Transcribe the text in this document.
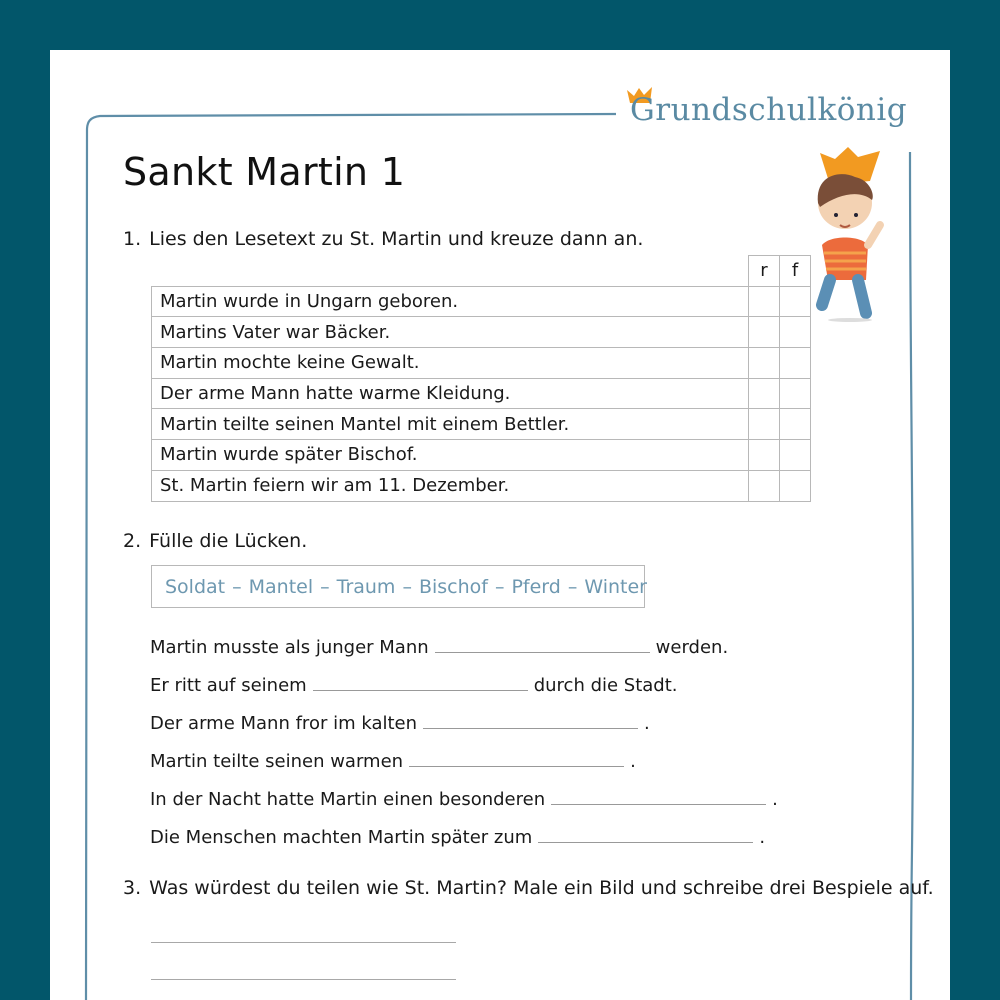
Grundschulkönig
Sankt Martin 1
1. Lies den Lesetext zu St. Martin und kreuze dann an.
	r	f
Martin wurde in Ungarn geboren.		
Martins Vater war Bäcker.		
Martin mochte keine Gewalt.		
Der arme Mann hatte warme Kleidung.		
Martin teilte seinen Mantel mit einem Bettler.		
Martin wurde später Bischof.		
St. Martin feiern wir am 11. Dezember.		
2. Fülle die Lücken.
Soldat – Mantel – Traum – Bischof – Pferd – Winter
Martin musste als junger Mann	werden.
Er ritt auf seinem	durch die Stadt.
Der arme Mann fror im kalten	.
Martin teilte seinen warmen	.
In der Nacht hatte Martin einen besonderen	.
Die Menschen machten Martin später zum	.
3. Was würdest du teilen wie St. Martin? Male ein Bild und schreibe drei Bespiele auf.
